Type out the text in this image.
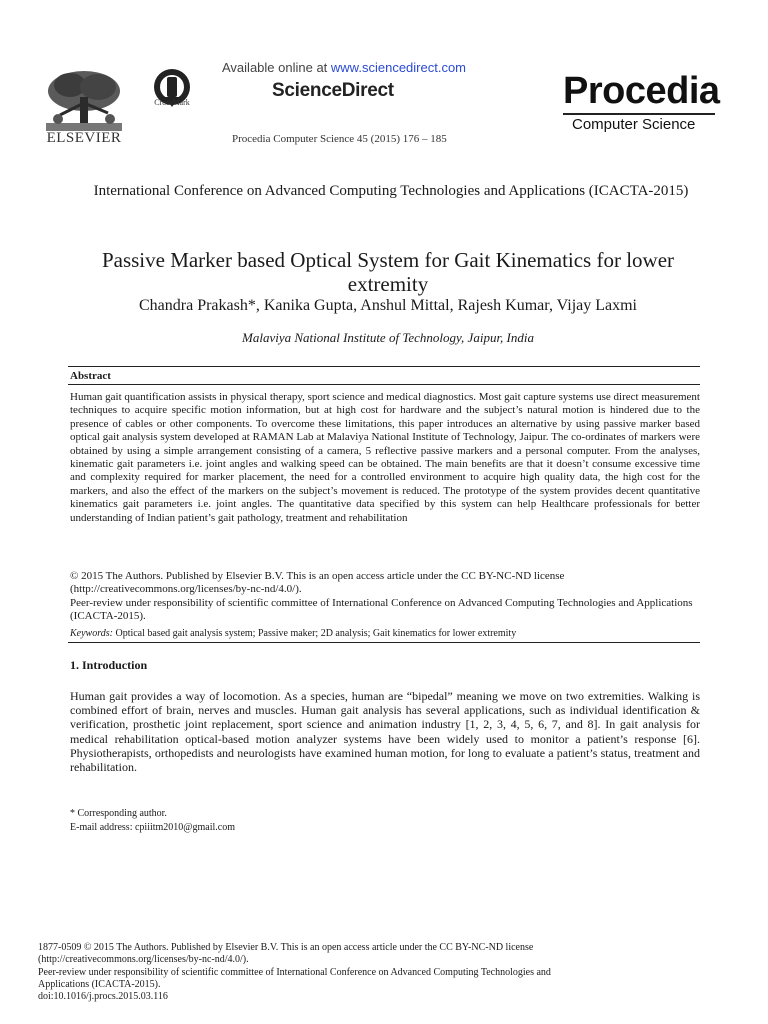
ELSEVIER
CrossMark
Available online at www.sciencedirect.com
ScienceDirect
Procedia Computer Science 45 (2015) 176 – 185
Procedia
Computer Science
International Conference on Advanced Computing Technologies and Applications (ICACTA-2015)
Passive Marker based Optical System for Gait Kinematics for lower extremity
Chandra Prakash*, Kanika Gupta, Anshul Mittal, Rajesh Kumar, Vijay Laxmi
Malaviya National Institute of Technology, Jaipur, India
Abstract
Human gait quantification assists in physical therapy, sport science and medical diagnostics. Most gait capture systems use direct measurement techniques to acquire specific motion information, but at high cost for hardware and the subject’s natural motion is hindered due to the presence of cables or other components. To overcome these limitations, this paper introduces an alternative by using passive marker based optical gait analysis system developed at RAMAN Lab at Malaviya National Institute of Technology, Jaipur. The co-ordinates of markers were obtained by using a simple arrangement consisting of a camera, 5 reflective passive markers and a personal computer. From the analyses, kinematic gait parameters i.e. joint angles and walking speed can be obtained. The main benefits are that it doesn’t consume excessive time and complexity required for marker placement, the need for a controlled environment to acquire high quality data, the high cost for the markers, and also the effect of the markers on the subject’s movement is reduced. The prototype of the system provides decent quantitative kinematics gait parameters i.e. joint angles. The quantitative data specified by this system can help Healthcare professionals for better understanding of Indian patient’s gait pathology, treatment and rehabilitation
© 2015 The Authors. Published by Elsevier B.V. This is an open access article under the CC BY-NC-ND license (http://creativecommons.org/licenses/by-nc-nd/4.0/).
Peer-review under responsibility of scientific committee of International Conference on Advanced Computing Technologies and Applications (ICACTA-2015).
Keywords: Optical based gait analysis system; Passive maker; 2D analysis; Gait kinematics for lower extremity
1. Introduction
Human gait provides a way of locomotion. As a species, human are “bipedal” meaning we move on two extremities. Walking is combined effort of brain, nerves and muscles. Human gait analysis has several applications, such as individual identification & verification, prosthetic joint replacement, sport science and animation industry [1, 2, 3, 4, 5, 6, 7, and 8]. In gait analysis for medical rehabilitation optical-based motion analyzer systems have been widely used to monitor a patient’s response [6]. Physiotherapists, orthopedists and neurologists have examined human motion, for long to evaluate a patient’s status, treatment and rehabilitation.
* Corresponding author.
E-mail address: cpiiitm2010@gmail.com
1877-0509 © 2015 The Authors. Published by Elsevier B.V. This is an open access article under the CC BY-NC-ND license
(http://creativecommons.org/licenses/by-nc-nd/4.0/).
Peer-review under responsibility of scientific committee of International Conference on Advanced Computing Technologies and
Applications (ICACTA-2015).
doi:10.1016/j.procs.2015.03.116
